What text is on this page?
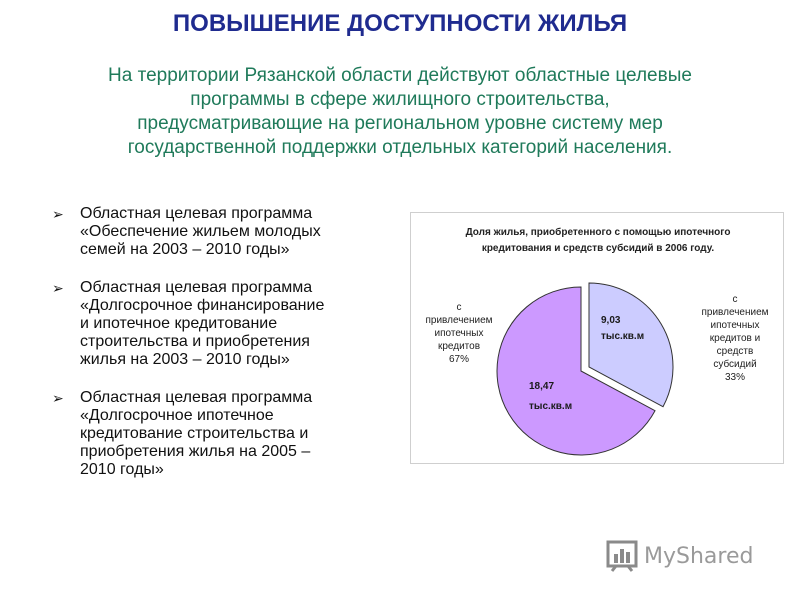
ПОВЫШЕНИЕ ДОСТУПНОСТИ ЖИЛЬЯ
На территории Рязанской области действуют областные целевые
программы в сфере жилищного строительства,
предусматривающие на региональном уровне систему мер
государственной поддержки отдельных категорий населения.
➢ Областная целевая программа
«Обеспечение жильем молодых
семей на 2003 – 2010 годы»
➢ Областная целевая программа
«Долгосрочное финансирование
и ипотечное кредитование
строительства и приобретения
жилья на 2003 – 2010 годы»
➢ Областная целевая программа
«Долгосрочное ипотечное
кредитование строительства и
приобретения жилья на 2005 –
2010 годы»
Доля жилья, приобретенного с помощью ипотечного
кредитования и средств субсидий в 2006 году.
18,47
тыс.кв.м
9,03
тыс.кв.м
с
привлечением
ипотечных
кредитов
67%
с
привлечением
ипотечных
кредитов и
средств
субсидий
33%
MyShared
